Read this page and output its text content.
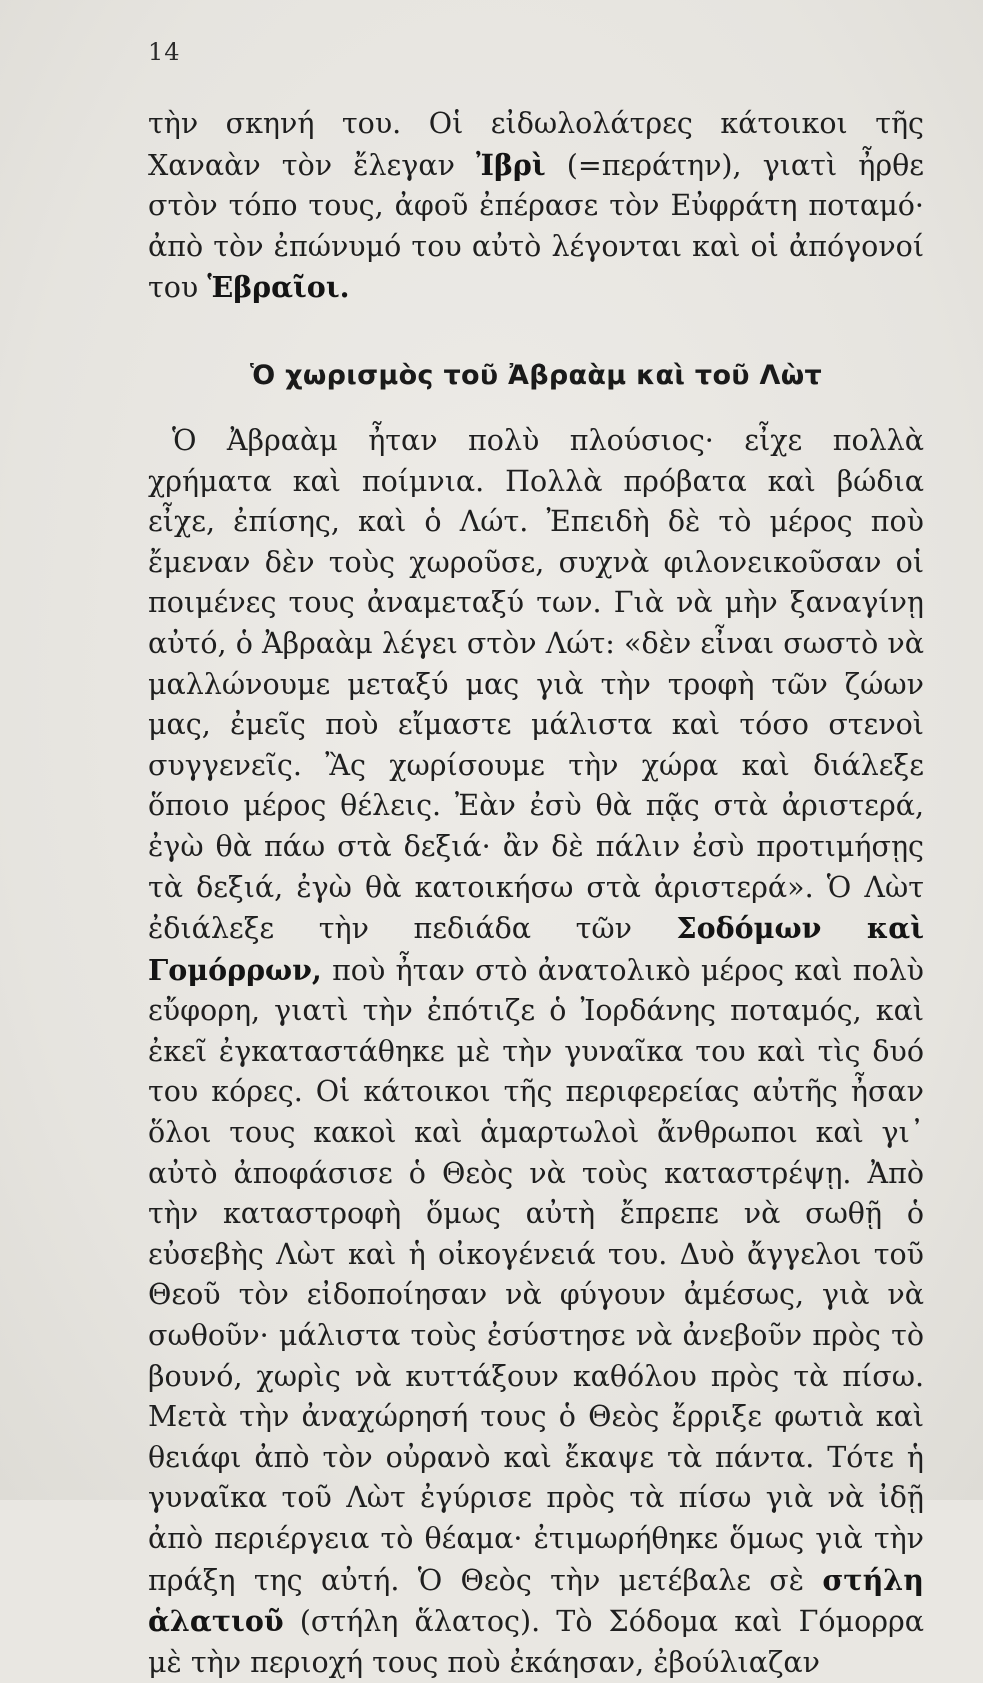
14

τὴν σκηνή του. Οἱ εἰδωλολάτρες κάτοικοι τῆς Χαναὰν τὸν ἔλεγαν Ἰβρὶ (=περάτην), γιατὶ ἦρθε στὸν τόπο τους, ἀφοῦ ἐπέρασε τὸν Εὐφράτη ποταμό· ἀπὸ τὸν ἐπώνυμό του αὐτὸ λέγονται καὶ οἱ ἀπόγονοί του Ἑβραῖοι.

Ὁ χωρισμὸς τοῦ Ἀβραὰμ καὶ τοῦ Λὼτ

Ὁ Ἀβραὰμ ἦταν πολὺ πλούσιος· εἶχε πολλὰ χρήματα καὶ ποίμνια. Πολλὰ πρόβατα καὶ βώδια εἶχε, ἐπίσης, καὶ ὁ Λώτ. Ἐπειδὴ δὲ τὸ μέρος ποὺ ἔμεναν δὲν τοὺς χωροῦσε, συχνὰ φιλονεικοῦσαν οἱ ποιμένες τους ἀναμεταξύ των. Γιὰ νὰ μὴν ξαναγίνῃ αὐτό, ὁ Ἀβραὰμ λέγει στὸν Λώτ: «δὲν εἶναι σωστὸ νὰ μαλλώνουμε μεταξύ μας γιὰ τὴν τροφὴ τῶν ζώων μας, ἐμεῖς ποὺ εἴμαστε μάλιστα καὶ τόσο στενοὶ συγγενεῖς. Ἂς χωρίσουμε τὴν χώρα καὶ διάλεξε ὅποιο μέρος θέλεις. Ἐὰν ἐσὺ θὰ πᾷς στὰ ἀριστερά, ἐγὼ θὰ πάω στὰ δεξιά· ἂν δὲ πάλιν ἐσὺ προτιμήσῃς τὰ δεξιά, ἐγὼ θὰ κατοικήσω στὰ ἀριστερά». Ὁ Λὼτ ἐδιάλεξε τὴν πεδιάδα τῶν Σοδόμων καὶ Γομόρρων, ποὺ ἦταν στὸ ἀνατολικὸ μέρος καὶ πολὺ εὔφορη, γιατὶ τὴν ἐπότιζε ὁ Ἰορδάνης ποταμός, καὶ ἐκεῖ ἐγκαταστάθηκε μὲ τὴν γυναῖκα του καὶ τὶς δυό του κόρες. Οἱ κάτοικοι τῆς περιφερείας αὐτῆς ἦσαν ὅλοι τους κακοὶ καὶ ἁμαρτωλοὶ ἄνθρωποι καὶ γι᾽ αὐτὸ ἀποφάσισε ὁ Θεὸς νὰ τοὺς καταστρέψῃ. Ἀπὸ τὴν καταστροφὴ ὅμως αὐτὴ ἔπρεπε νὰ σωθῇ ὁ εὐσεβὴς Λὼτ καὶ ἡ οἰκογένειά του. Δυὸ ἄγγελοι τοῦ Θεοῦ τὸν εἰδοποίησαν νὰ φύγουν ἀμέσως, γιὰ νὰ σωθοῦν· μάλιστα τοὺς ἐσύστησε νὰ ἀνεβοῦν πρὸς τὸ βουνό, χωρὶς νὰ κυττάξουν καθόλου πρὸς τὰ πίσω. Μετὰ τὴν ἀναχώρησή τους ὁ Θεὸς ἔρριξε φωτιὰ καὶ θειάφι ἀπὸ τὸν οὐρανὸ καὶ ἔκαψε τὰ πάντα. Τότε ἡ γυναῖκα τοῦ Λὼτ ἐγύρισε πρὸς τὰ πίσω γιὰ νὰ ἰδῇ ἀπὸ περιέργεια τὸ θέαμα· ἐτιμωρήθηκε ὅμως γιὰ τὴν πράξη της αὐτή. Ὁ Θεὸς τὴν μετέβαλε σὲ στήλη ἁλατιοῦ (στήλη ἅλατος). Τὸ Σόδομα καὶ Γόμορρα μὲ τὴν περιοχή τους ποὺ ἐκάησαν, ἐβούλιαζαν
